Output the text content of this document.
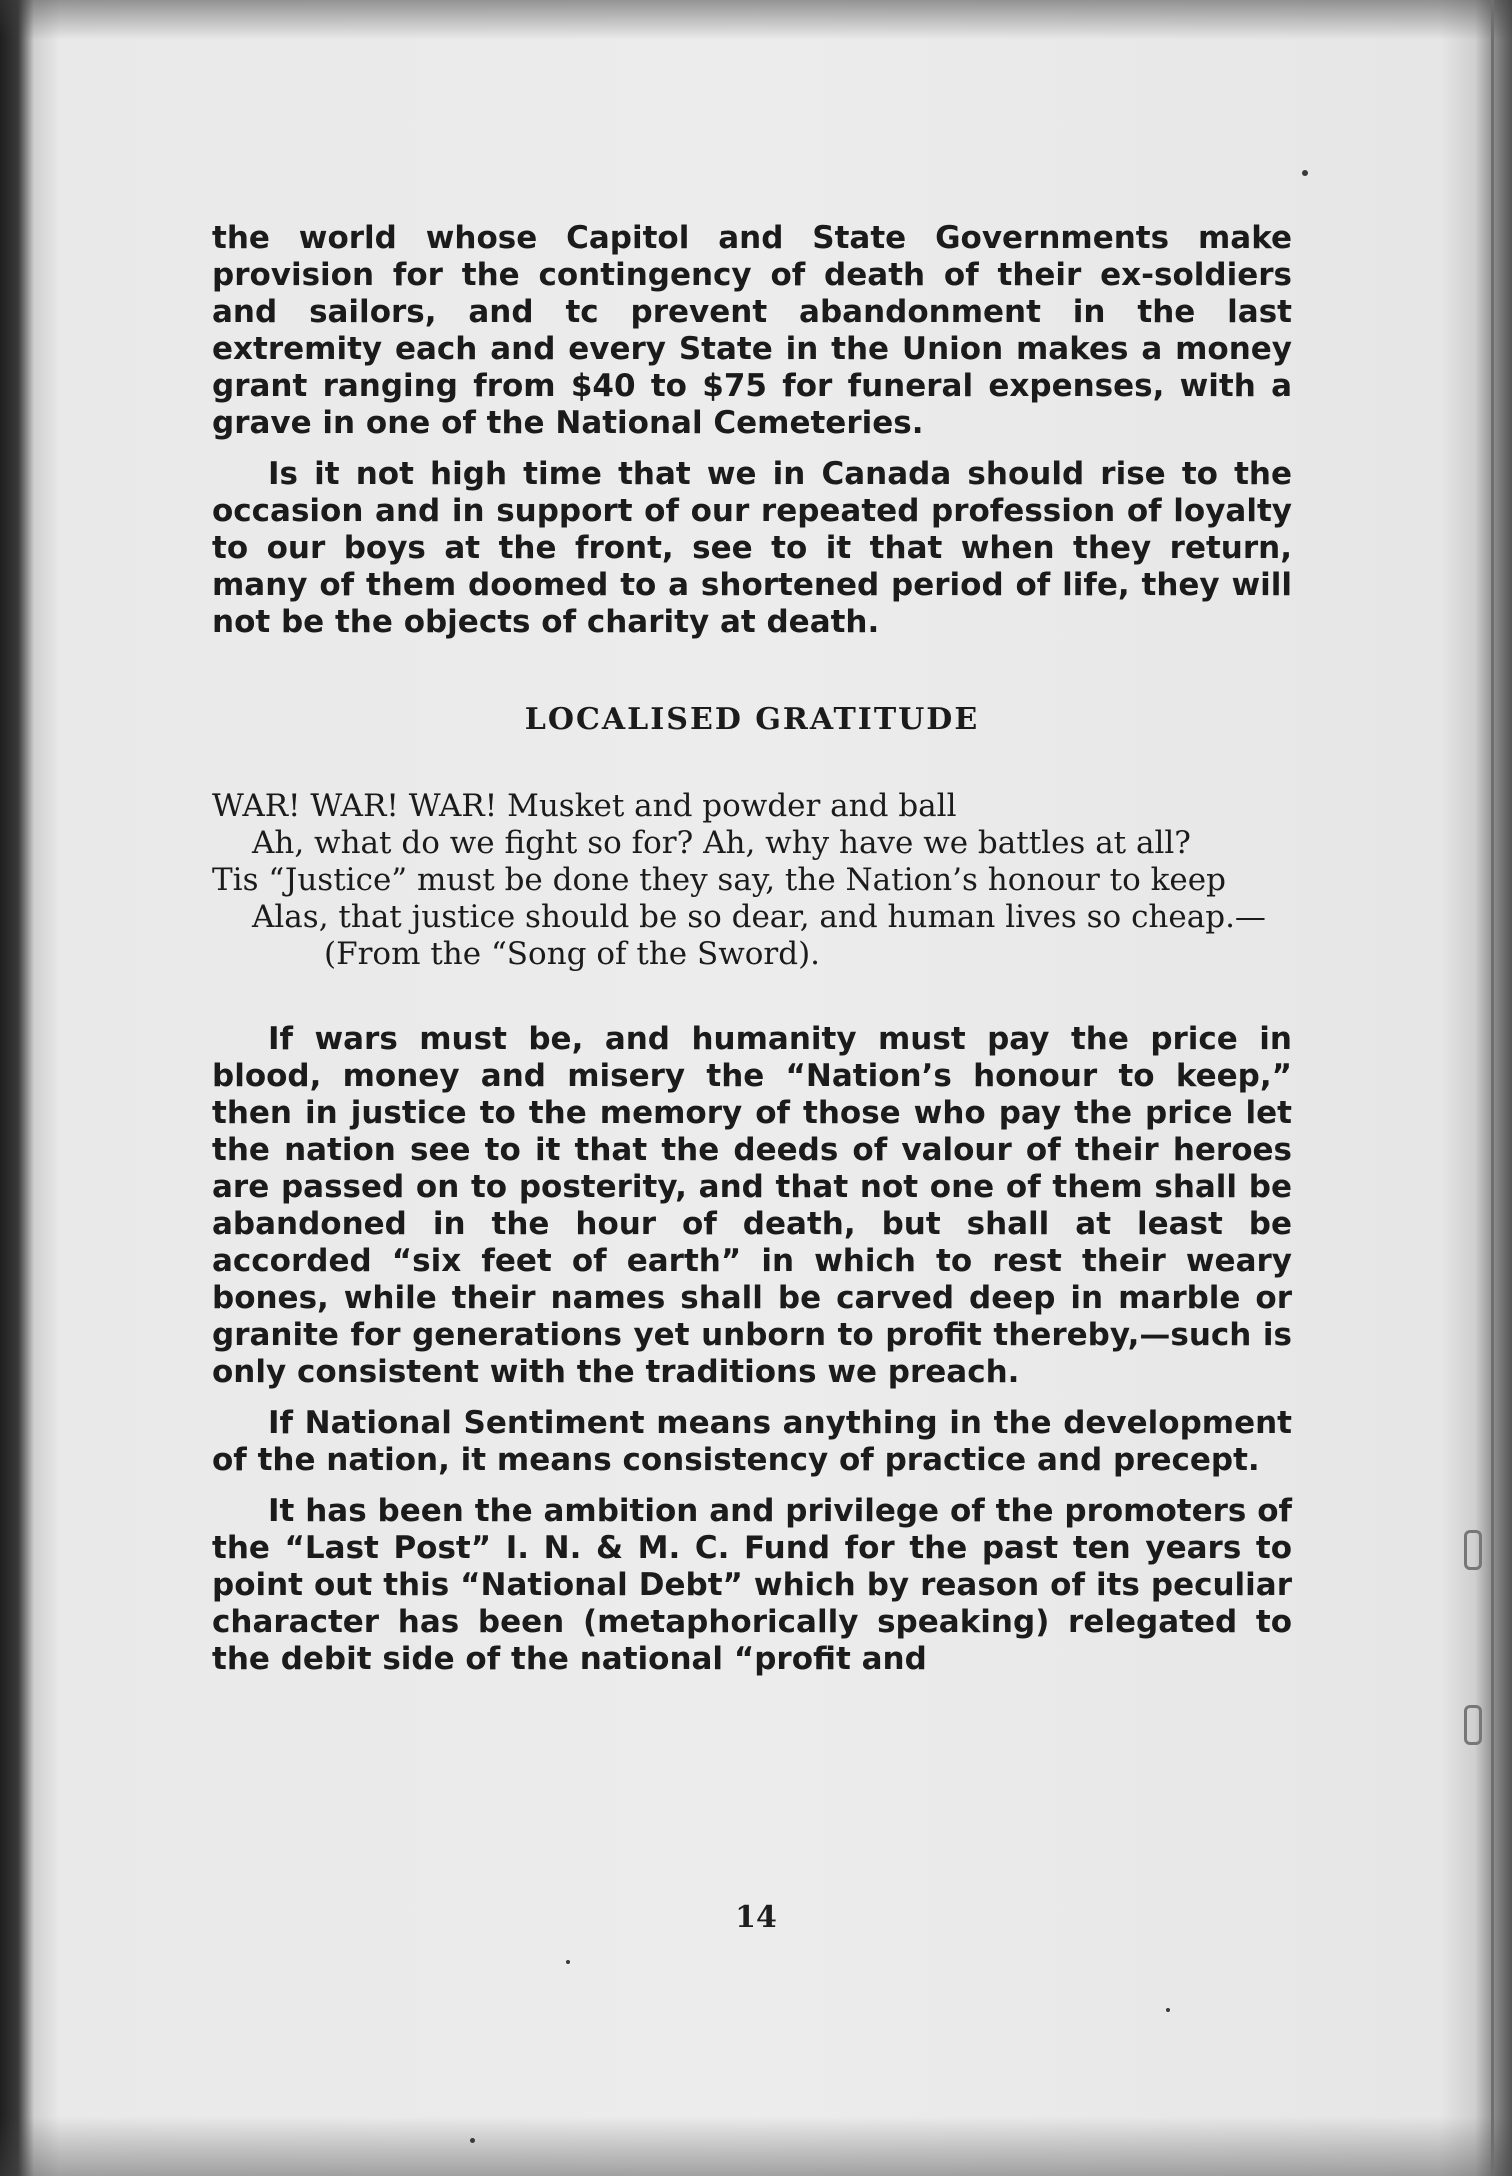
the world whose Capitol and State Governments make provision for the contingency of death of their ex-soldiers and sailors, and tc prevent abandonment in the last extremity each and every State in the Union makes a money grant ranging from $40 to $75 for funeral expenses, with a grave in one of the National Cemeteries.

Is it not high time that we in Canada should rise to the occasion and in support of our repeated profession of loyalty to our boys at the front, see to it that when they return, many of them doomed to a shortened period of life, they will not be the objects of charity at death.

LOCALISED GRATITUDE
WAR! WAR! WAR! Musket and powder and ball
Ah, what do we fight so for? Ah, why have we battles at all?
Tis “Justice” must be done they say, the Nation’s honour to keep
Alas, that justice should be so dear, and human lives so cheap.—(From the “Song of the Sword).

If wars must be, and humanity must pay the price in blood, money and misery the “Nation’s honour to keep,” then in justice to the memory of those who pay the price let the nation see to it that the deeds of valour of their heroes are passed on to posterity, and that not one of them shall be abandoned in the hour of death, but shall at least be accorded “six feet of earth” in which to rest their weary bones, while their names shall be carved deep in marble or granite for generations yet unborn to profit thereby,—such is only consistent with the traditions we preach.

If National Sentiment means anything in the development of the nation, it means consistency of practice and precept.

It has been the ambition and privilege of the promoters of the “Last Post” I. N. & M. C. Fund for the past ten years to point out this “National Debt” which by reason of its peculiar character has been (metaphorically speaking) relegated to the debit side of the national “profit and

14
